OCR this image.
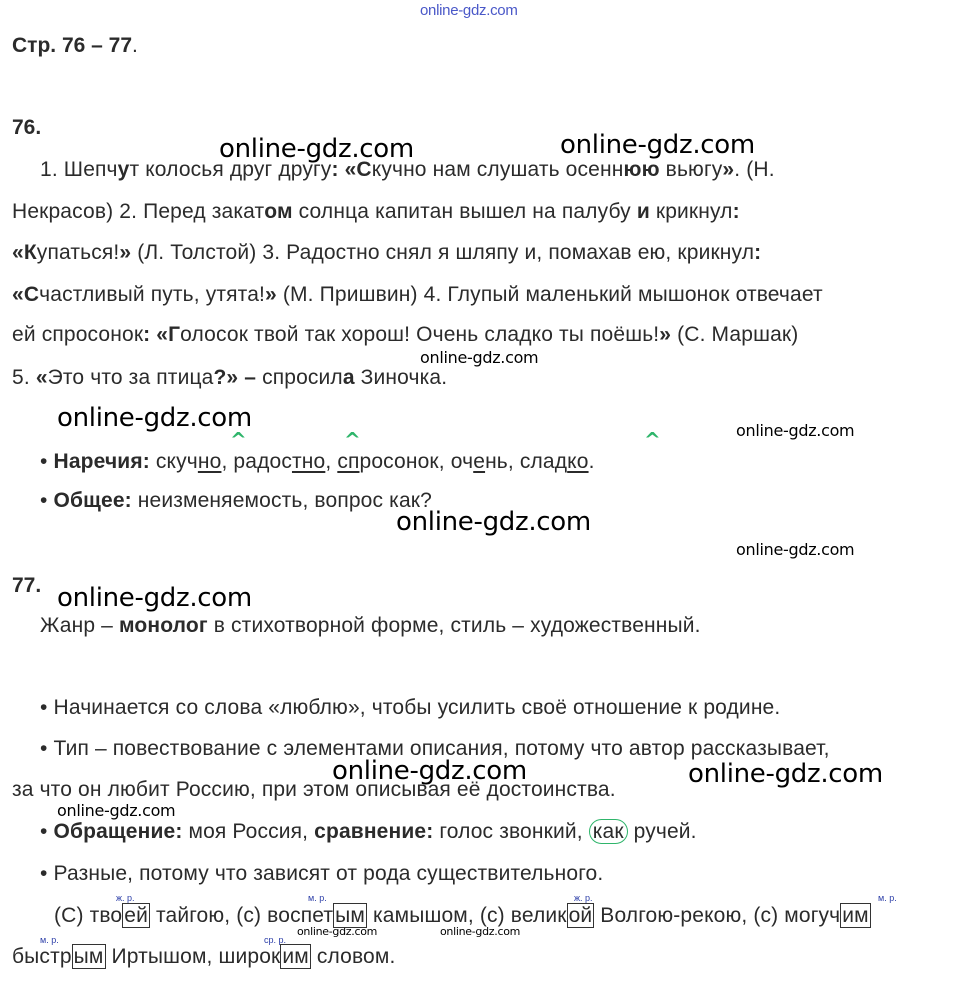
online-gdz.com
online-gdz.com	online-gdz.com
online-gdz.com
online-gdz.com	online-gdz.com
online-gdz.com
online-gdz.com
online-gdz.com
online-gdz.com	online-gdz.com
online-gdz.com
online-gdz.com	online-gdz.com
Стр. 76 – 77.
76.
1. Шепчут колосья друг другу: «Скучно нам слушать осеннюю вьюгу». (Н.
Некрасов) 2. Перед закатом солнца капитан вышел на палубу и крикнул:
«Купаться!» (Л. Толстой) 3. Радостно снял я шляпу и, помахав ею, крикнул:
«Счастливый путь, утята!» (М. Пришвин) 4. Глупый маленький мышонок отвечает
ей спросонок: «Голосок твой так хорош! Очень сладко ты поёшь!» (С. Маршак)
5. «Это что за птица?» – спросила Зиночка.
^	^	^
• Наречия: скучно, радостно, спросонок, очень, сладко.
• Общее: неизменяемость, вопрос как?
77.
Жанр – монолог в стихотворной форме, стиль – художественный.
• Начинается со слова «люблю», чтобы усилить своё отношение к родине.
• Тип – повествование с элементами описания, потому что автор рассказывает,
за что он любит Россию, при этом описывая её достоинства.
• Обращение: моя Россия, сравнение: голос звонкий, как ручей.
• Разные, потому что зависят от рода существительного.
ж. р.	м. р.	ж. р.	м. р.
м. р.	ср. р.
(С) твоей тайгою, (с) воспетым камышом, (с) великой Волгою-рекою, (с) могучим
быстрым Иртышом, широким словом.
